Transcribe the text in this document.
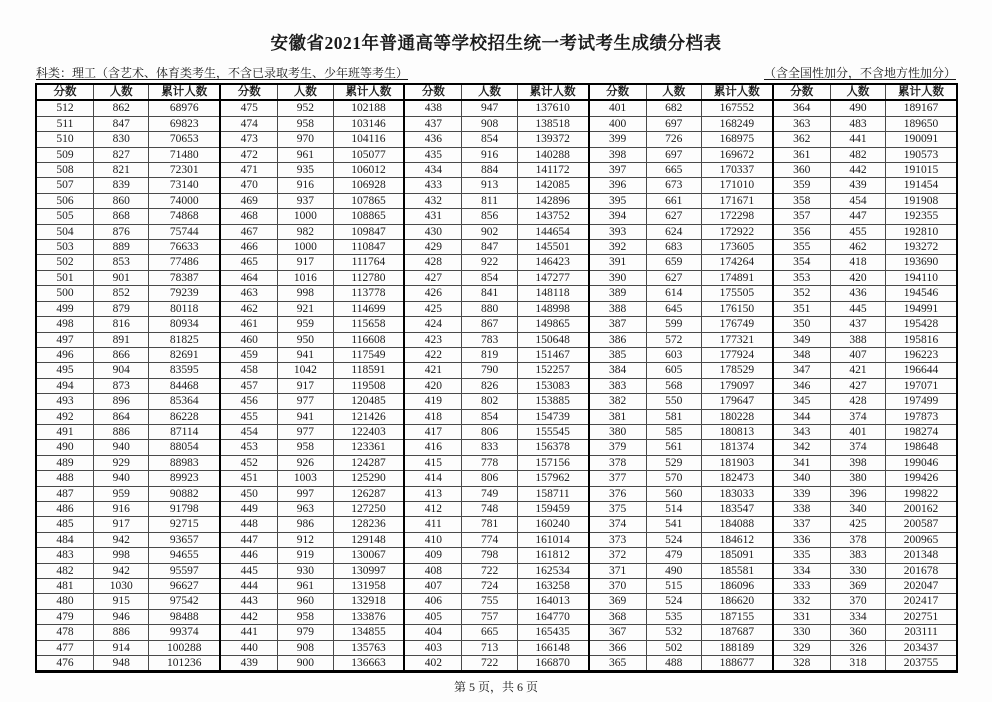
安徽省2021年普通高等学校招生统一考试考生成绩分档表
科类：理工（含艺术、体育类考生，不含已录取考生、少年班等考生）	（含全国性加分，不含地方性加分）
分数	人数	累计人数	分数	人数	累计人数	分数	人数	累计人数	分数	人数	累计人数	分数	人数	累计人数
512	862	68976	475	952	102188	438	947	137610	401	682	167552	364	490	189167
511	847	69823	474	958	103146	437	908	138518	400	697	168249	363	483	189650
510	830	70653	473	970	104116	436	854	139372	399	726	168975	362	441	190091
509	827	71480	472	961	105077	435	916	140288	398	697	169672	361	482	190573
508	821	72301	471	935	106012	434	884	141172	397	665	170337	360	442	191015
507	839	73140	470	916	106928	433	913	142085	396	673	171010	359	439	191454
506	860	74000	469	937	107865	432	811	142896	395	661	171671	358	454	191908
505	868	74868	468	1000	108865	431	856	143752	394	627	172298	357	447	192355
504	876	75744	467	982	109847	430	902	144654	393	624	172922	356	455	192810
503	889	76633	466	1000	110847	429	847	145501	392	683	173605	355	462	193272
502	853	77486	465	917	111764	428	922	146423	391	659	174264	354	418	193690
501	901	78387	464	1016	112780	427	854	147277	390	627	174891	353	420	194110
500	852	79239	463	998	113778	426	841	148118	389	614	175505	352	436	194546
499	879	80118	462	921	114699	425	880	148998	388	645	176150	351	445	194991
498	816	80934	461	959	115658	424	867	149865	387	599	176749	350	437	195428
497	891	81825	460	950	116608	423	783	150648	386	572	177321	349	388	195816
496	866	82691	459	941	117549	422	819	151467	385	603	177924	348	407	196223
495	904	83595	458	1042	118591	421	790	152257	384	605	178529	347	421	196644
494	873	84468	457	917	119508	420	826	153083	383	568	179097	346	427	197071
493	896	85364	456	977	120485	419	802	153885	382	550	179647	345	428	197499
492	864	86228	455	941	121426	418	854	154739	381	581	180228	344	374	197873
491	886	87114	454	977	122403	417	806	155545	380	585	180813	343	401	198274
490	940	88054	453	958	123361	416	833	156378	379	561	181374	342	374	198648
489	929	88983	452	926	124287	415	778	157156	378	529	181903	341	398	199046
488	940	89923	451	1003	125290	414	806	157962	377	570	182473	340	380	199426
487	959	90882	450	997	126287	413	749	158711	376	560	183033	339	396	199822
486	916	91798	449	963	127250	412	748	159459	375	514	183547	338	340	200162
485	917	92715	448	986	128236	411	781	160240	374	541	184088	337	425	200587
484	942	93657	447	912	129148	410	774	161014	373	524	184612	336	378	200965
483	998	94655	446	919	130067	409	798	161812	372	479	185091	335	383	201348
482	942	95597	445	930	130997	408	722	162534	371	490	185581	334	330	201678
481	1030	96627	444	961	131958	407	724	163258	370	515	186096	333	369	202047
480	915	97542	443	960	132918	406	755	164013	369	524	186620	332	370	202417
479	946	98488	442	958	133876	405	757	164770	368	535	187155	331	334	202751
478	886	99374	441	979	134855	404	665	165435	367	532	187687	330	360	203111
477	914	100288	440	908	135763	403	713	166148	366	502	188189	329	326	203437
476	948	101236	439	900	136663	402	722	166870	365	488	188677	328	318	203755
第 5 页，共 6 页
